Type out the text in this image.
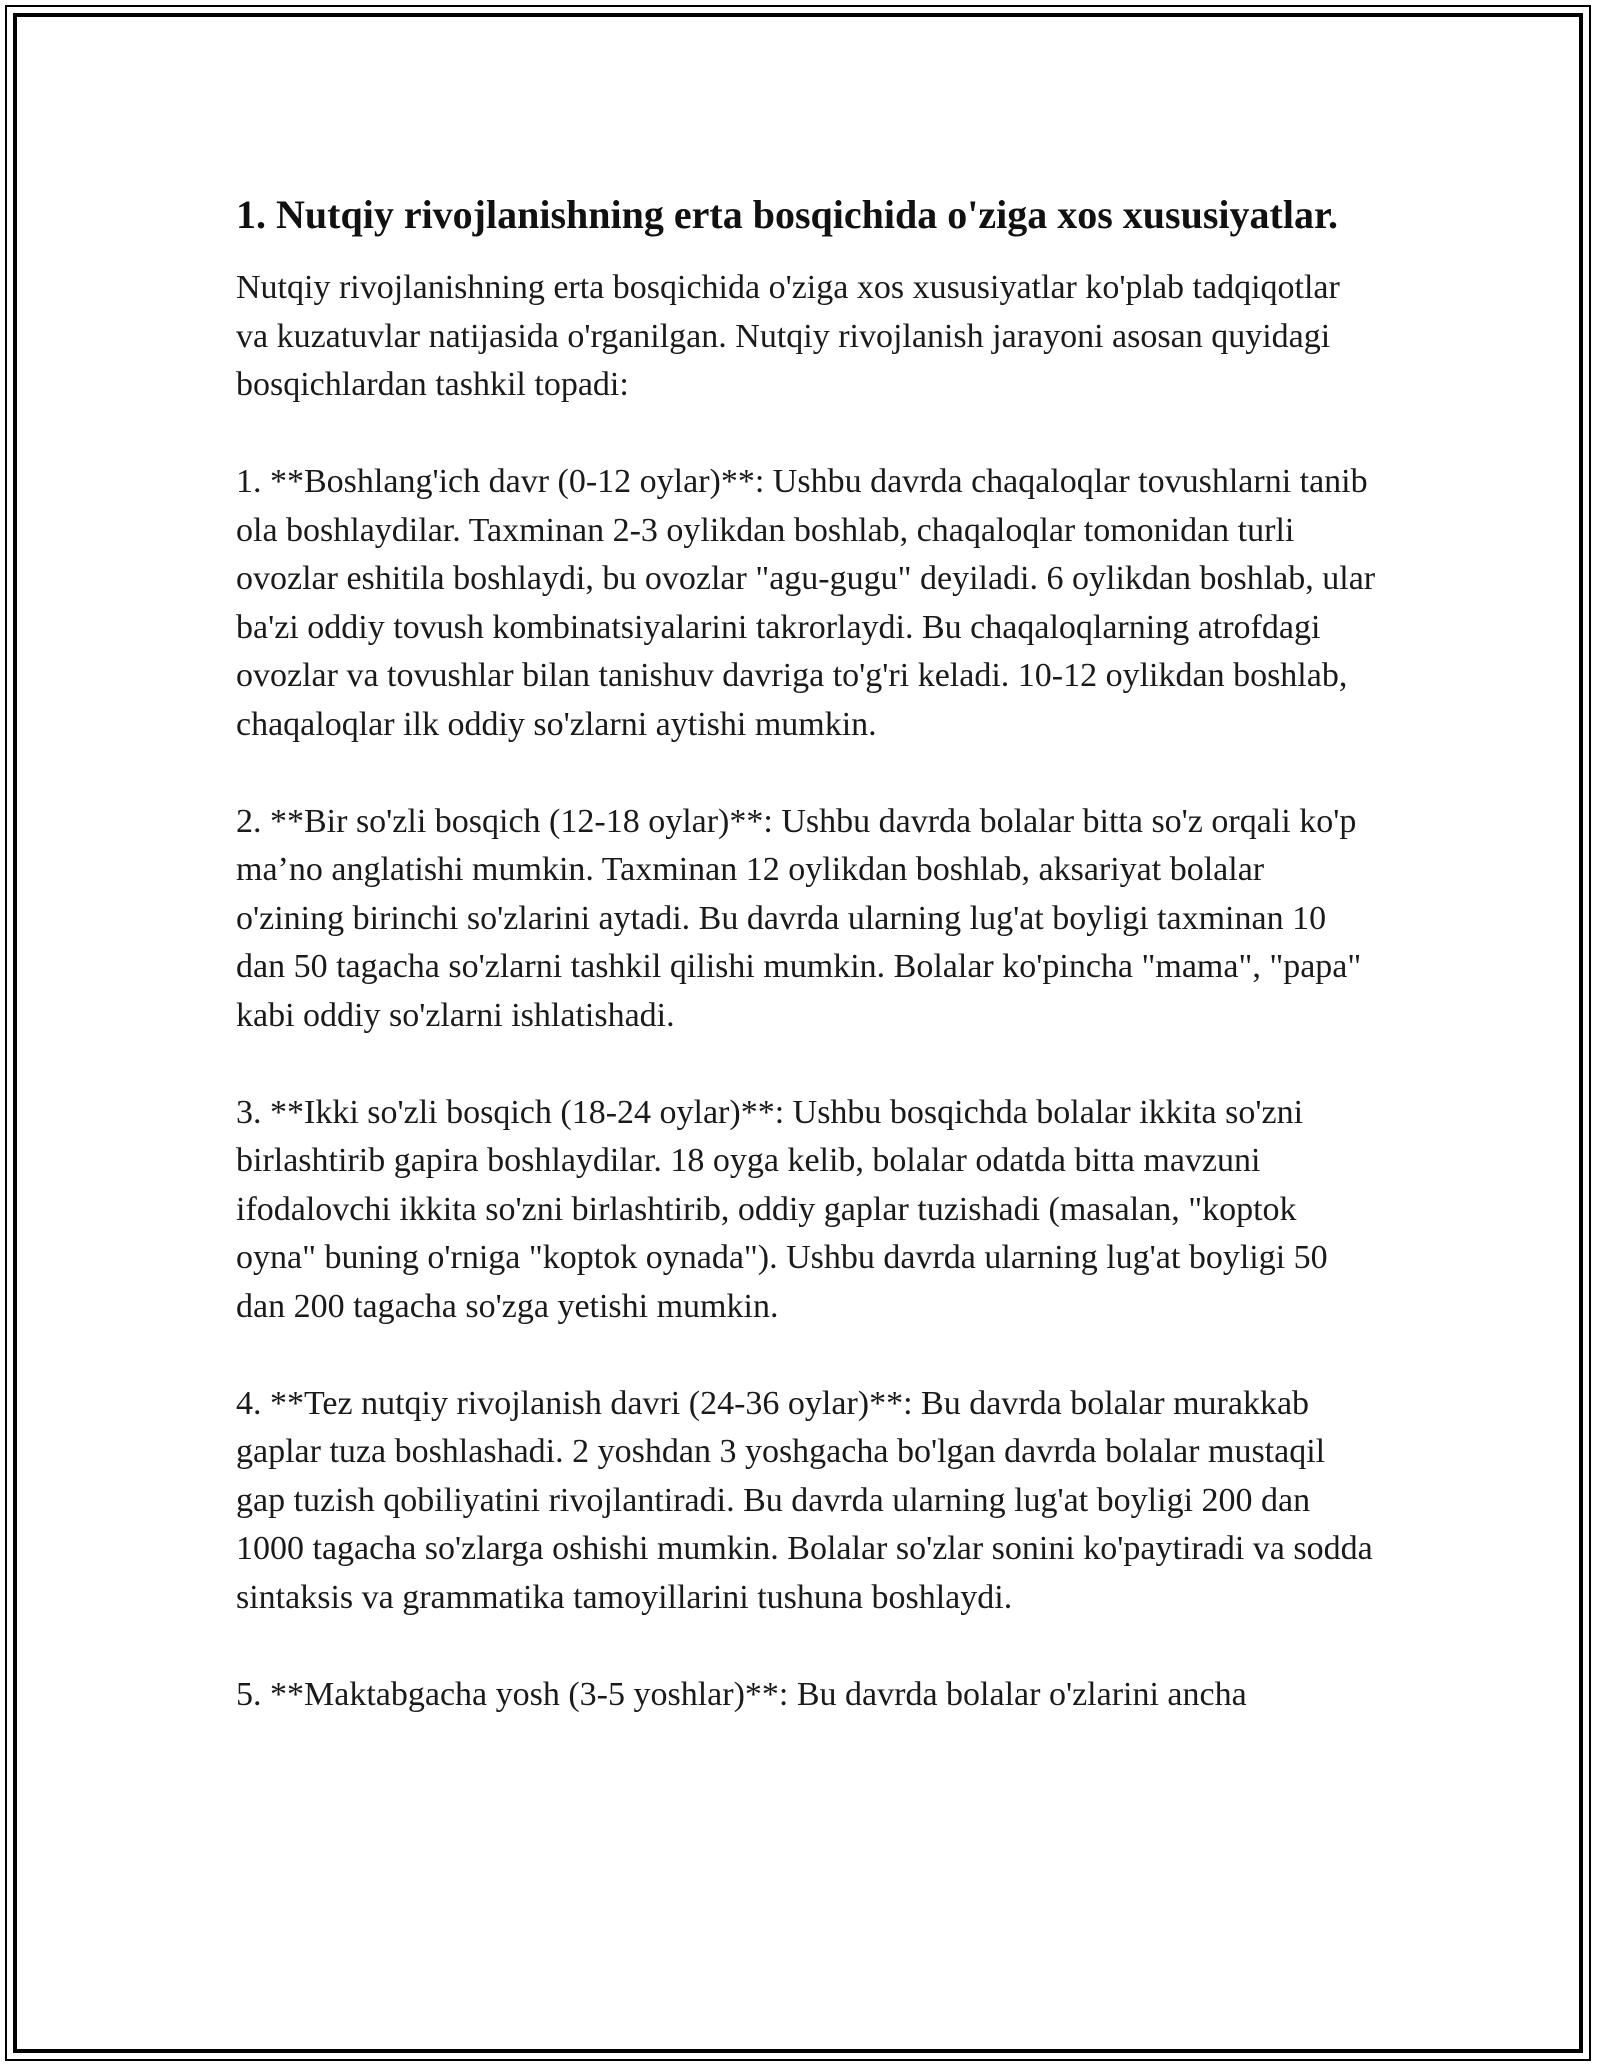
1. Nutqiy rivojlanishning erta bosqichida o'ziga xos xususiyatlar.

Nutqiy rivojlanishning erta bosqichida o'ziga xos xususiyatlar ko'plab tadqiqotlar va kuzatuvlar natijasida o'rganilgan. Nutqiy rivojlanish jarayoni asosan quyidagi bosqichlardan tashkil topadi:

1. **Boshlang'ich davr (0-12 oylar)**: Ushbu davrda chaqaloqlar tovushlarni tanib ola boshlaydilar. Taxminan 2-3 oylikdan boshlab, chaqaloqlar tomonidan turli ovozlar eshitila boshlaydi, bu ovozlar "agu-gugu" deyiladi. 6 oylikdan boshlab, ular ba'zi oddiy tovush kombinatsiyalarini takrorlaydi. Bu chaqaloqlarning atrofdagi ovozlar va tovushlar bilan tanishuv davriga to'g'ri keladi. 10-12 oylikdan boshlab, chaqaloqlar ilk oddiy so'zlarni aytishi mumkin.

2. **Bir so'zli bosqich (12-18 oylar)**: Ushbu davrda bolalar bitta so'z orqali ko'p ma’no anglatishi mumkin. Taxminan 12 oylikdan boshlab, aksariyat bolalar o'zining birinchi so'zlarini aytadi. Bu davrda ularning lug'at boyligi taxminan 10 dan 50 tagacha so'zlarni tashkil qilishi mumkin. Bolalar ko'pincha "mama", "papa" kabi oddiy so'zlarni ishlatishadi.

3. **Ikki so'zli bosqich (18-24 oylar)**: Ushbu bosqichda bolalar ikkita so'zni birlashtirib gapira boshlaydilar. 18 oyga kelib, bolalar odatda bitta mavzuni ifodalovchi ikkita so'zni birlashtirib, oddiy gaplar tuzishadi (masalan, "koptok oyna" buning o'rniga "koptok oynada"). Ushbu davrda ularning lug'at boyligi 50 dan 200 tagacha so'zga yetishi mumkin.

4. **Tez nutqiy rivojlanish davri (24-36 oylar)**: Bu davrda bolalar murakkab gaplar tuza boshlashadi. 2 yoshdan 3 yoshgacha bo'lgan davrda bolalar mustaqil gap tuzish qobiliyatini rivojlantiradi. Bu davrda ularning lug'at boyligi 200 dan 1000 tagacha so'zlarga oshishi mumkin. Bolalar so'zlar sonini ko'paytiradi va sodda sintaksis va grammatika tamoyillarini tushuna boshlaydi.

5. **Maktabgacha yosh (3-5 yoshlar)**: Bu davrda bolalar o'zlarini ancha
